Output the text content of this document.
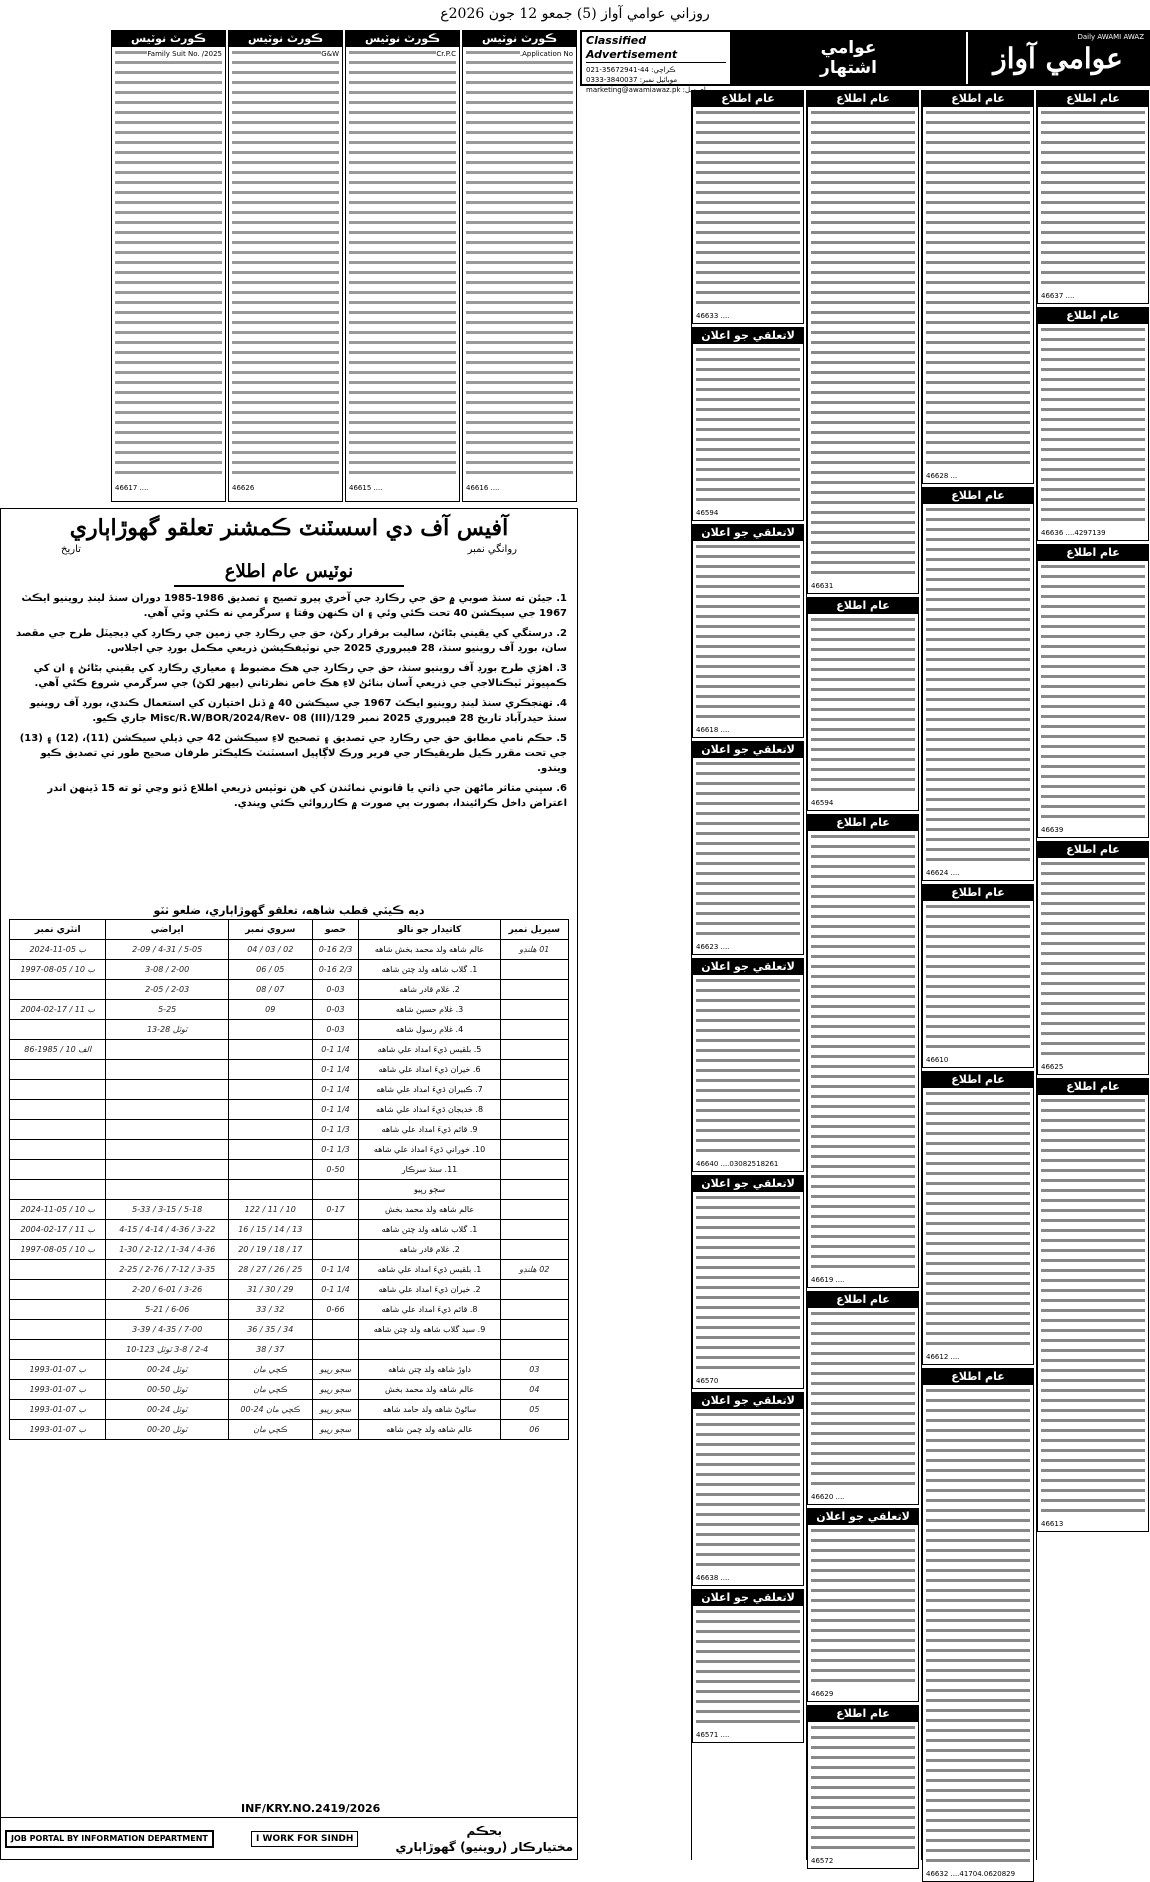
روزاني عوامي آواز (5) جمعو 12 جون 2026ع
Classified Advertisement
021-35672941-44 :ڪراچي
0333-3840037 :موبائيل نمبر
marketing@awamiawaz.pk :اي ميل
عوامي
اشتهار
Daily AWAMI AWAZ
عوامي آواز
عام اطلاع
46637 ....
عام اطلاع
46636 ....4297139
عام اطلاع
46639
عام اطلاع
46625
عام اطلاع
46613
عام اطلاع
46628 ...
عام اطلاع
46624 ....
عام اطلاع
46610
عام اطلاع
46612 ....
عام اطلاع
46632 ....41704.0620829
عام اطلاع
46631
عام اطلاع
46594
عام اطلاع
46619 ....
عام اطلاع
46620 ....
لاتعلقي جو اعلان
46629
عام اطلاع
46572
عام اطلاع
46633 ....
لاتعلقي جو اعلان
46594
لاتعلقي جو اعلان
46618 ....
لاتعلقي جو اعلان
46623 ....
لاتعلقي جو اعلان
46640 ....03082518261
لاتعلقي جو اعلان
46570
لاتعلقي جو اعلان
46638 ....
لاتعلقي جو اعلان
46571 ....
ڪورٽ نوٽيس
Application No.
46616 ....
ڪورٽ نوٽيس
Cr.P.C
46615 ....
ڪورٽ نوٽيس
G&W
46626
ڪورٽ نوٽيس
Family Suit No. /2025
46617 ....
آفيس آف دي اسسٽنٽ ڪمشنر تعلقو گهوڙاٻاري
تاريخ	روانگي نمبر
نوٽيس عام اطلاع

1. جيئن ته سنڌ صوبي ۾ حق جي رڪارڊ جي آخري پيرو تصيح ۽ تصديق 1986-1985 دوران سنڌ لينڊ روينيو ايڪٽ 1967 جي سيڪشن 40 تحت ڪئي وئي ۽ ان ڪنهن وقتا ۽ سرگرمي نه ڪئي وئي آهي.

2. درستگي کي يقيني بڻائڻ، ساليت برقرار رکڻ، حق جي رڪارڊ جي زمين جي رڪارڊ کي ڊيجيٽل طرح جي مقصد سان، بورڊ آف روينيو سنڌ، 28 فيبروري 2025 جي نوٽيفڪيشن ذريعي مڪمل بورڊ جي اجلاس.

3. اهڙي طرح بورڊ آف روينيو سنڌ، حق جي رڪارڊ جي هڪ مضبوط ۽ معياري رڪارڊ کي يقيني بڻائڻ ۽ ان کي ڪمپيوٽر ٽيڪنالاجي جي ذريعي آسان بنائڻ لاءِ هڪ خاص نظرثاني (بيهر لکڻ) جي سرگرمي شروع ڪئي آهي.

4. تهنجڪري سنڌ لينڊ روينيو ايڪٽ 1967 جي سيڪشن 40 ۾ ڏنل اختيارن کي استعمال ڪندي، بورڊ آف روينيو سنڌ حيدرآباد تاريخ 28 فيبروري 2025 نمبر Misc/R.W/BOR/2024/Rev- 08 (III)/129 جاري ڪيو.

5. حڪم نامي مطابق حق جي رڪارڊ جي تصديق ۽ تصحيح لاءِ سيڪشن 42 جي ذيلي سيڪشن (11)، (12) ۽ (13) جي تحت مقرر ڪيل طريقيڪار جي فرير ورڪ لاڳاپيل اسسٽنٽ ڪليڪٽر طرفان صحيح طور تي تصديق ڪيو ويندو.

6. سڀني متاثر ماڻهن جي ذاتي يا قانوني نمائندن کي هن نوٽيس ذريعي اطلاع ڏنو وڃي ٿو ته 15 ڏينهن اندر اعتراض داخل ڪرائيندا، بصورت ٻي صورت ۾ ڪارروائي ڪئي ويندي.

ديه ڪيٽي قطب شاهه، تعلقو گهوڙاٻاري، ضلعو ٺٽو
سيريل نمبر	کاتيدار جو نالو	حصو	سروي نمبر	ايراضي	انٽري نمبر
01 هلنڊو	عالم شاهه ولد محمد بخش شاهه	2/3 0-16	02 / 03 / 04	5-05 / 4-31 / 2-09	ب 05-11-2024
	1. گلاب شاهه ولد چتن شاهه	2/3 0-16	05 / 06	2-00 / 3-08	ب 10 / 05-08-1997
	2. غلام قادر شاهه	0-03	07 / 08	2-03 / 2-05	
	3. غلام حسين شاهه	0-03	09	5-25	ب 11 / 17-02-2004
	4. غلام رسول شاهه	0-03		ٽوٽل 28-13	
	5. بلقيس ڌيءَ امداد علي شاهه	1/4 0-1			الف 10 / 1985-86
	6. خيران ڌيءَ امداد علي شاهه	1/4 0-1			
	7. ڪبيران ڌيءَ امداد علي شاهه	1/4 0-1			
	8. خديجان ڌيءَ امداد علي شاهه	1/4 0-1			
	9. قائم ڌيءَ امداد علي شاهه	1/3 0-1			
	10. خوراني ڌيءَ امداد علي شاهه	1/3 0-1			
	11. سنڌ سرڪار	0-50			
	سڄو رپيو				
	عالم شاهه ولد محمد بخش	0-17	10 / 11 / 122	5-18 / 3-15 / 5-33	ب 10 / 05-11-2024
	1. گلاب شاهه ولد چتن شاهه		13 / 14 / 15 / 16	3-22 / 4-36 / 4-14 / 4-15	ب 11 / 17-02-2004
	2. غلام قادر شاهه		17 / 18 / 19 / 20	4-36 / 1-34 / 2-12 / 1-30	ب 10 / 05-08-1997
02 هلنڊو	1. بلقيس ڌيءَ امداد علي شاهه	1/4 0-1	25 / 26 / 27 / 28	3-35 / 7-12 / 2-76 / 2-25	
	2. خيران ڌيءَ امداد علي شاهه	1/4 0-1	29 / 30 / 31	3-26 / 6-01 / 2-20	
	8. قائم ڌيءَ امداد علي شاهه	0-66	32 / 33	6-06 / 5-21	
	9. سيد گلاب شاهه ولد چتن شاهه		34 / 35 / 36	7-00 / 4-35 / 3-39	
			37 / 38	2-4 / 3-8 ٽوٽل 123-10	
03	داوڙ شاهه ولد چتن شاهه	سڄو رپيو	ڪچي مان	ٽوٽل 24-00	ب 07-01-1993
04	عالم شاهه ولد محمد بخش	سڄو رپيو	ڪچي مان	ٽوٽل 50-00	ب 07-01-1993
05	ساڻوڻ شاهه ولد حامد شاهه	سڄو رپيو	ڪچي مان 24-00	ٽوٽل 24-00	ب 07-01-1993
06	عالم شاهه ولد چمن شاهه	سڄو رپيو	ڪچي مان	ٽوٽل 20-00	ب 07-01-1993
INF/KRY.NO.2419/2026
JOB PORTAL BY INFORMATION DEPARTMENT	I WORK FOR SINDH
بحڪم
مختيارڪار (روينيو) گهوڙاٻاري
